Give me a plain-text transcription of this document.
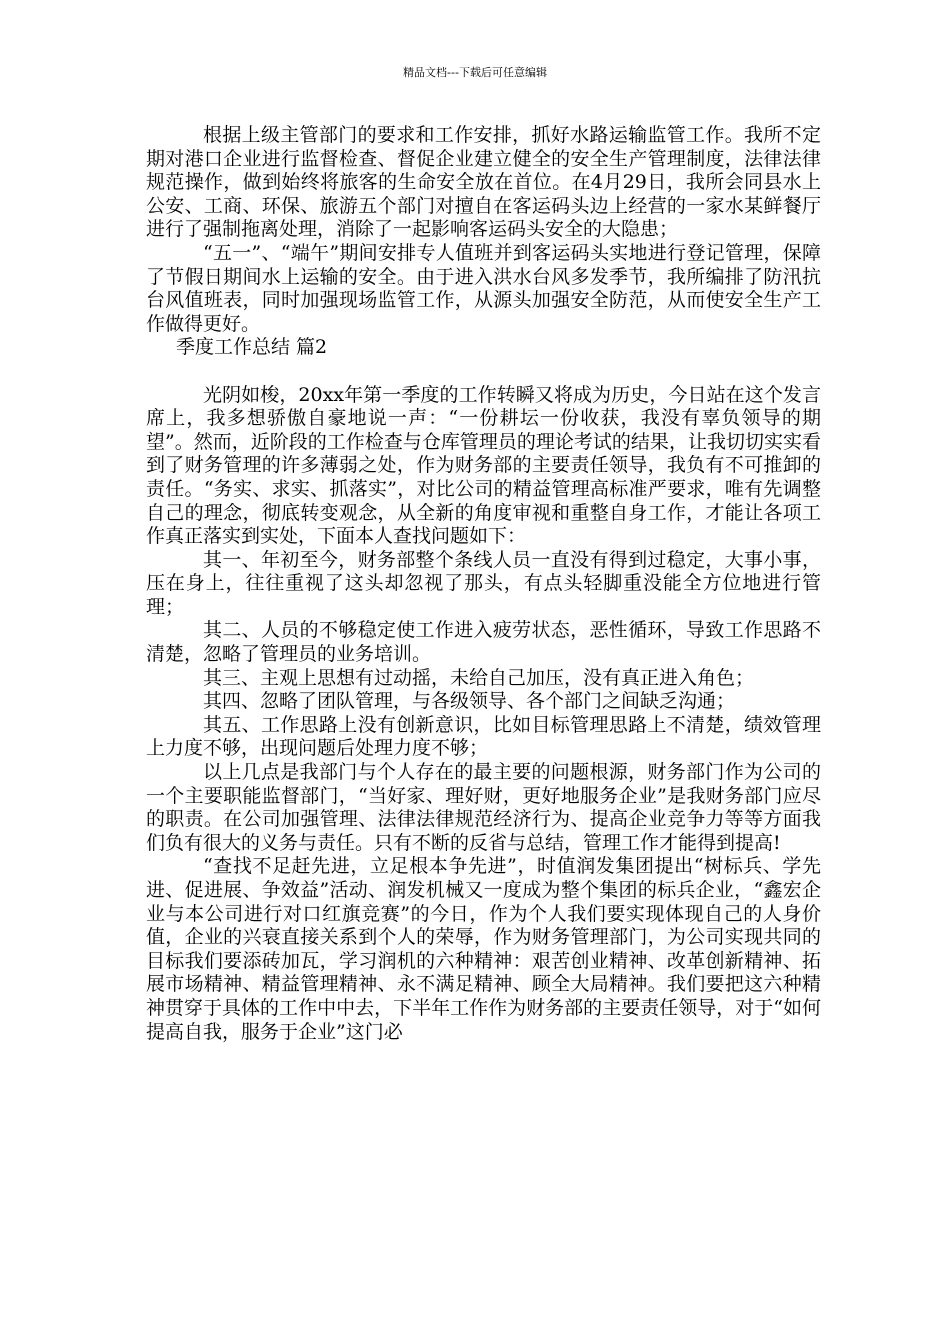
精品文档---下载后可任意编辑

根据上级主管部门的要求和工作安排，抓好水路运输监管工作。我所不定期对港口企业进行监督检查、督促企业建立健全的安全生产管理制度，法律法律规范操作，做到始终将旅客的生命安全放在首位。在4月29日，我所会同县水上公安、工商、环保、旅游五个部门对擅自在客运码头边上经营的一家水某鲜餐厅进行了强制拖离处理，消除了一起影响客运码头安全的大隐患；

“五一”、“端午”期间安排专人值班并到客运码头实地进行登记管理，保障了节假日期间水上运输的安全。由于进入洪水台风多发季节，我所编排了防汛抗台风值班表，同时加强现场监管工作，从源头加强安全防范，从而使安全生产工作做得更好。

季度工作总结 篇2

光阴如梭，20xx年第一季度的工作转瞬又将成为历史，今日站在这个发言席上，我多想骄傲自豪地说一声：“一份耕坛一份收获，我没有辜负领导的期望”。然而，近阶段的工作检查与仓库管理员的理论考试的结果，让我切切实实看到了财务管理的许多薄弱之处，作为财务部的主要责任领导，我负有不可推卸的责任。“务实、求实、抓落实”，对比公司的精益管理高标准严要求，唯有先调整自己的理念，彻底转变观念，从全新的角度审视和重整自身工作，才能让各项工作真正落实到实处，下面本人查找问题如下：

其一、年初至今，财务部整个条线人员一直没有得到过稳定，大事小事，压在身上，往往重视了这头却忽视了那头，有点头轻脚重没能全方位地进行管理；

其二、人员的不够稳定使工作进入疲劳状态，恶性循环，导致工作思路不清楚，忽略了管理员的业务培训。

其三、主观上思想有过动摇，未给自己加压，没有真正进入角色；

其四、忽略了团队管理，与各级领导、各个部门之间缺乏沟通；

其五、工作思路上没有创新意识，比如目标管理思路上不清楚，绩效管理上力度不够，出现问题后处理力度不够；

以上几点是我部门与个人存在的最主要的问题根源，财务部门作为公司的一个主要职能监督部门，“当好家、理好财，更好地服务企业”是我财务部门应尽的职责。在公司加强管理、法律法律规范经济行为、提高企业竞争力等等方面我们负有很大的义务与责任。只有不断的反省与总结，管理工作才能得到提高!

“查找不足赶先进，立足根本争先进”，时值润发集团提出“树标兵、学先进、促进展、争效益”活动、润发机械又一度成为整个集团的标兵企业，“鑫宏企业与本公司进行对口红旗竞赛”的今日，作为个人我们要实现体现自己的人身价值，企业的兴衰直接关系到个人的荣辱，作为财务管理部门，为公司实现共同的目标我们要添砖加瓦，学习润机的六种精神：艰苦创业精神、改革创新精神、拓展市场精神、精益管理精神、永不满足精神、顾全大局精神。我们要把这六种精神贯穿于具体的工作中中去，下半年工作作为财务部的主要责任领导，对于“如何提高自我，服务于企业”这门必
